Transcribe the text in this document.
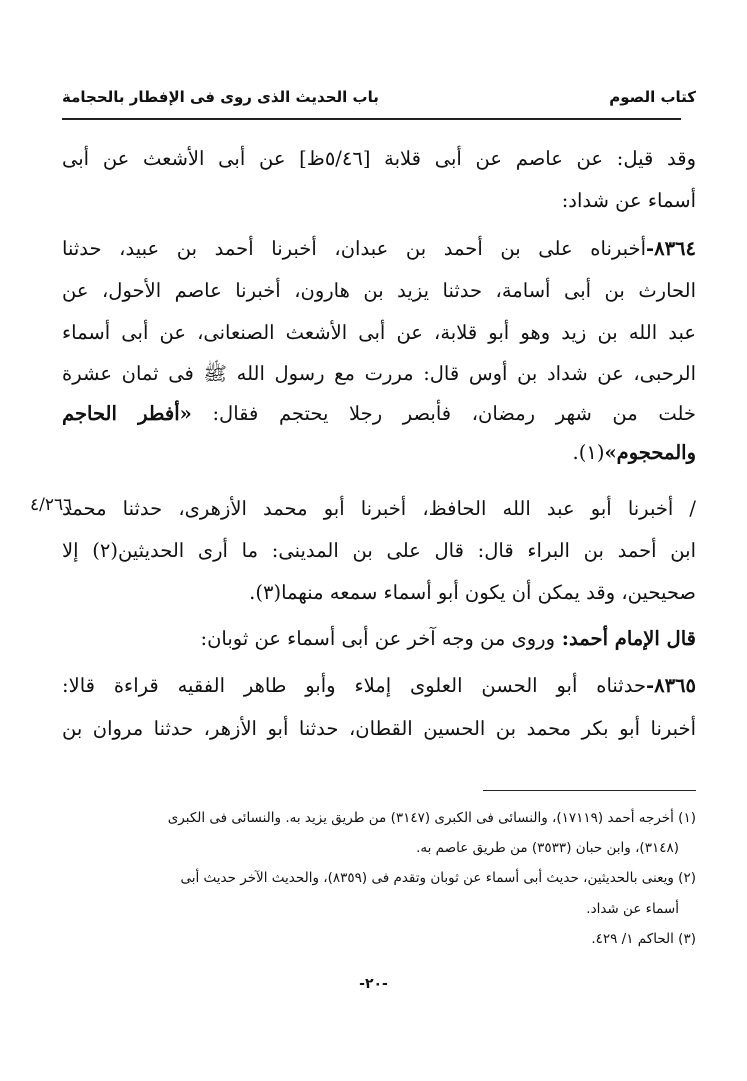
كتاب الصوم
باب الحديث الذى روى فى الإفطار بالحجامة
وقد قيل: عن عاصم عن أبى قلابة [٥/٤٦ظ] عن أبى الأشعث عن أبى
أسماء عن شداد:
٨٣٦٤-أخبرناه على بن أحمد بن عبدان، أخبرنا أحمد بن عبيد، حدثنا
الحارث بن أبى أسامة، حدثنا يزيد بن هارون، أخبرنا عاصم الأحول، عن
عبد الله بن زيد وهو أبو قلابة، عن أبى الأشعث الصنعانى، عن أبى أسماء
الرحبى، عن شداد بن أوس قال: مررت مع رسول الله ﷺ فى ثمان عشرة
خلت من شهر رمضان، فأبصر رجلا يحتجم فقال: «أفطر الحاجم
والمحجوم»(١).
٤/٢٦٦
/ أخبرنا أبو عبد الله الحافظ، أخبرنا أبو محمد الأزهرى، حدثنا محمد
ابن أحمد بن البراء قال: قال على بن المدينى: ما أرى الحديثين(٢) إلا
صحيحين، وقد يمكن أن يكون أبو أسماء سمعه منهما(٣).
قال الإمام أحمد: وروى من وجه آخر عن أبى أسماء عن ثوبان:
٨٣٦٥-حدثناه أبو الحسن العلوى إملاء وأبو طاهر الفقيه قراءة قالا:
أخبرنا أبو بكر محمد بن الحسين القطان، حدثنا أبو الأزهر، حدثنا مروان بن
(١) أخرجه أحمد (١٧١١٩)، والنسائى فى الكبرى (٣١٤٧) من طريق يزيد به. والنسائى فى الكبرى
(٣١٤٨)، وابن حبان (٣٥٣٣) من طريق عاصم به.
(٢) ويعنى بالحديثين، حديث أبى أسماء عن ثوبان وتقدم فى (٨٣٥٩)، والحديث الآخر حديث أبى
أسماء عن شداد.
(٣) الحاكم ١/ ٤٢٩.
-٢٠-
